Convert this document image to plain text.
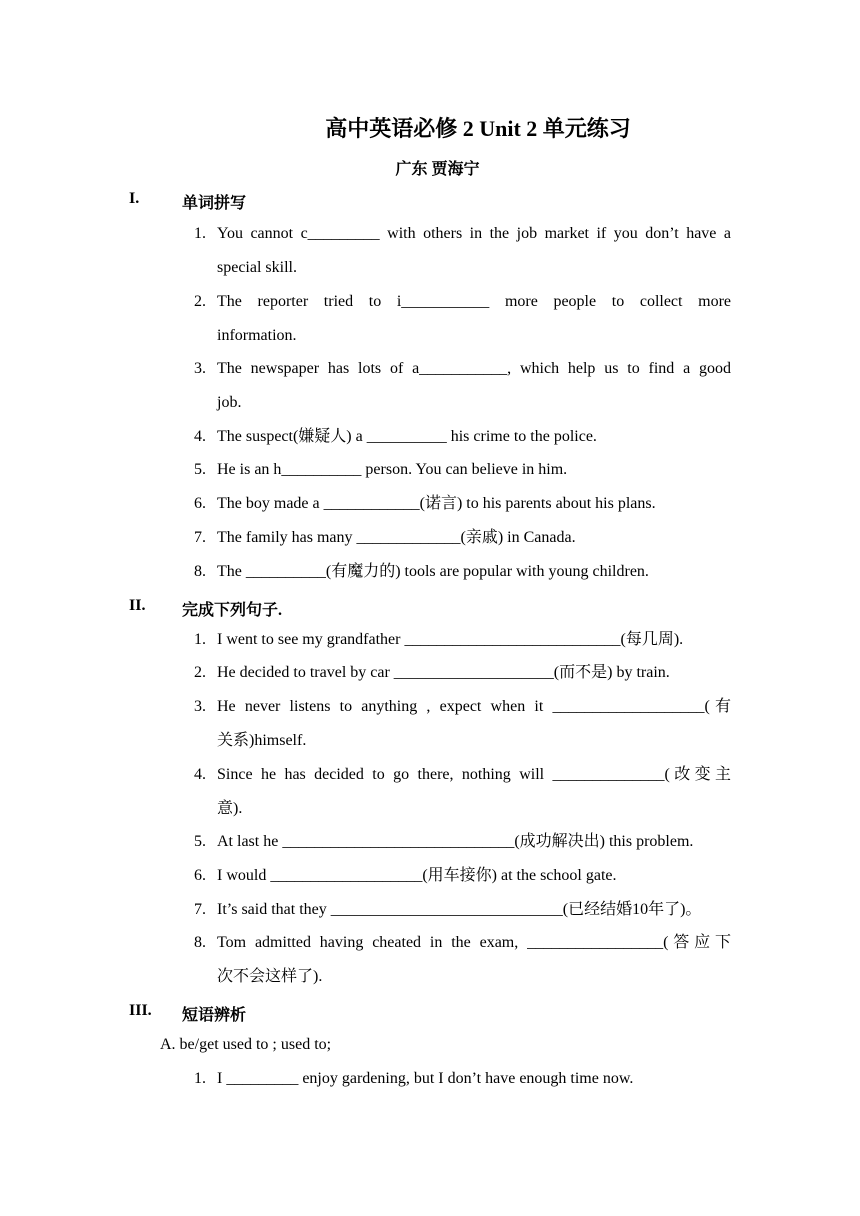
高中英语必修 2 Unit 2 单元练习
广东 贾海宁
I.	单词拼写
1. You cannot c_________ with others in the job market if you don’t have a
special skill.
2. The reporter tried to i___________ more people to collect more
information.
3. The newspaper has lots of a___________, which help us to find a good
job.
4. The suspect(嫌疑人) a __________ his crime to the police.
5. He is an h__________ person. You can believe in him.
6. The boy made a ____________(诺言) to his parents about his plans.
7. The family has many _____________(亲戚) in Canada.
8. The __________(有魔力的) tools are popular with young children.
II. 完成下列句子.
1. I went to see my grandfather ___________________________(每几周).
2. He decided to travel by car ____________________(而不是) by train.
3. He never listens to anything , expect when it ___________________(有
关系)himself.
4. Since he has decided to go there, nothing will ______________(改变主
意).
5. At last he _____________________________(成功解决出) this problem.
6. I would ___________________(用车接你) at the school gate.
7. It’s said that they _____________________________(已经结婚10年了)。
8. Tom admitted having cheated in the exam, _________________(答应下
次不会这样了).
III. 短语辨析
A. be/get used to ; used to;
1. I _________ enjoy gardening, but I don’t have enough time now.
